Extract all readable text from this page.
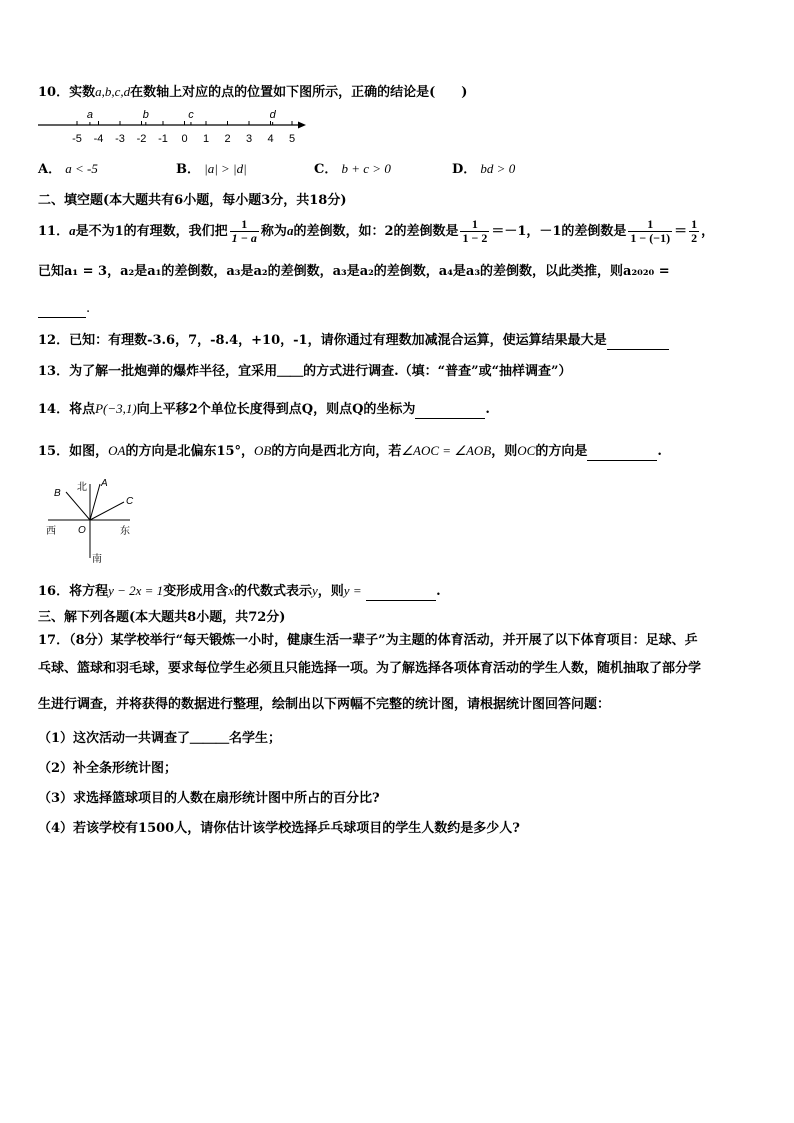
10．实数a,b,c,d在数轴上对应的点的位置如下图所示，正确的结论是(　　)
-5 -4 -3 -2 -1 0 1 2 3 4 5
a	b	c	d
A． a < -5	B． |a| > |d|	C． b + c > 0	D． bd > 0
二、填空题(本大题共有6小题，每小题3分，共18分)
11．a是不为1的有理数，我们把 $\frac{1}{1 - a}$ 称为a的差倒数，如：2的差倒数是 $\frac{1}{1 - 2} =-1$，－1的差倒数是 $\frac{1}{1 - (-1)} = \frac{1}{2}$ ，
已知a₁ = 3，a₂是a₁的差倒数，a₃是a₂的差倒数，a₃是a₂的差倒数，a₄是a₃的差倒数，以此类推，则a₂₀₂₀ =
.
12．已知：有理数-3.6，7，-8.4，+10，-1，请你通过有理数加减混合运算，使运算结果最大是
13．为了解一批炮弹的爆炸半径，宜采用＿＿的方式进行调查.（填：“普查”或“抽样调查”）
14．将点P(−3,1)向上平移2个单位长度得到点Q，则点Q的坐标为	.
15．如图，OA的方向是北偏东15°，OB的方向是西北方向，若∠AOC = ∠AOB，则OC的方向是	.
北
南
西	东
O
A
B
C
16．将方程y − 2x = 1变形成用含x的代数式表示y，则y =	.
三、解下列各题(本大题共8小题，共72分)
17．（8分）某学校举行“每天锻炼一小时，健康生活一辈子”为主题的体育活动，并开展了以下体育项目：足球、乒
乓球、篮球和羽毛球，要求每位学生必须且只能选择一项。为了解选择各项体育活动的学生人数，随机抽取了部分学
生进行调查，并将获得的数据进行整理，绘制出以下两幅不完整的统计图，请根据统计图回答问题：
（1）这次活动一共调查了＿＿＿名学生；
（2）补全条形统计图；
（3）求选择篮球项目的人数在扇形统计图中所占的百分比?
（4）若该学校有1500人，请你估计该学校选择乒乓球项目的学生人数约是多少人?
